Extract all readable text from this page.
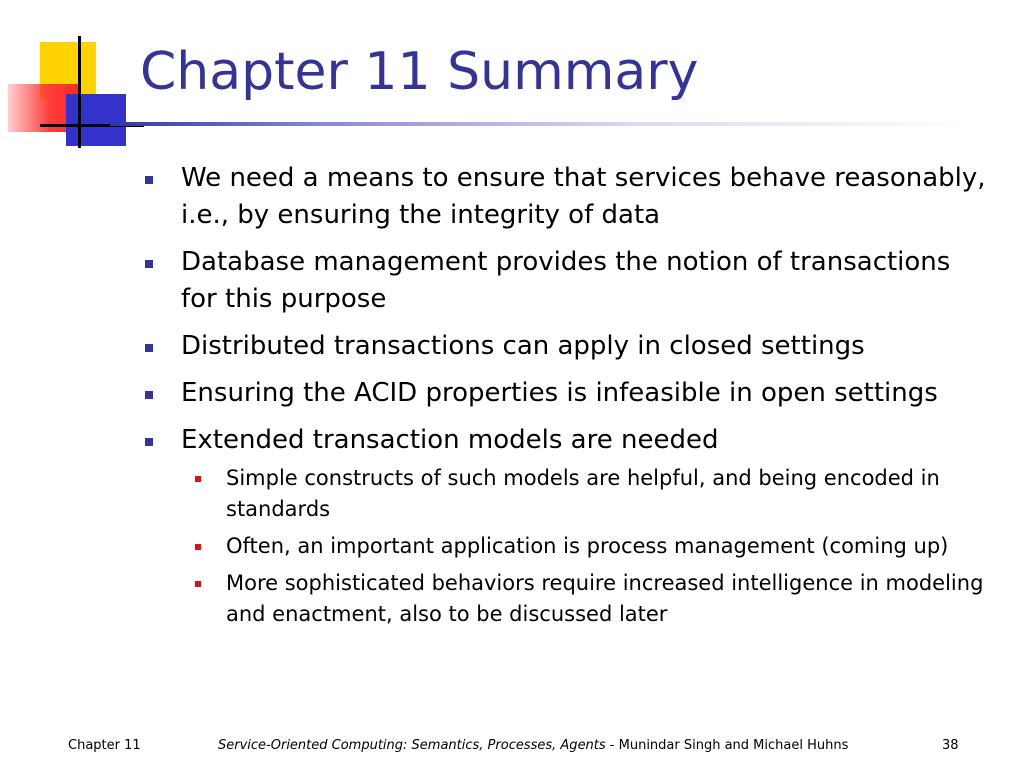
Chapter 11 Summary
We need a means to ensure that services behave reasonably, i.e., by ensuring the integrity of data
Database management provides the notion of transactions for this purpose
Distributed transactions can apply in closed settings
Ensuring the ACID properties is infeasible in open settings
Extended transaction models are needed
Simple constructs of such models are helpful, and being encoded in standards
Often, an important application is process management (coming up)
More sophisticated behaviors require increased intelligence in modeling and enactment, also to be discussed later
Chapter 11	Service-Oriented Computing: Semantics, Processes, Agents - Munindar Singh and Michael Huhns	38
